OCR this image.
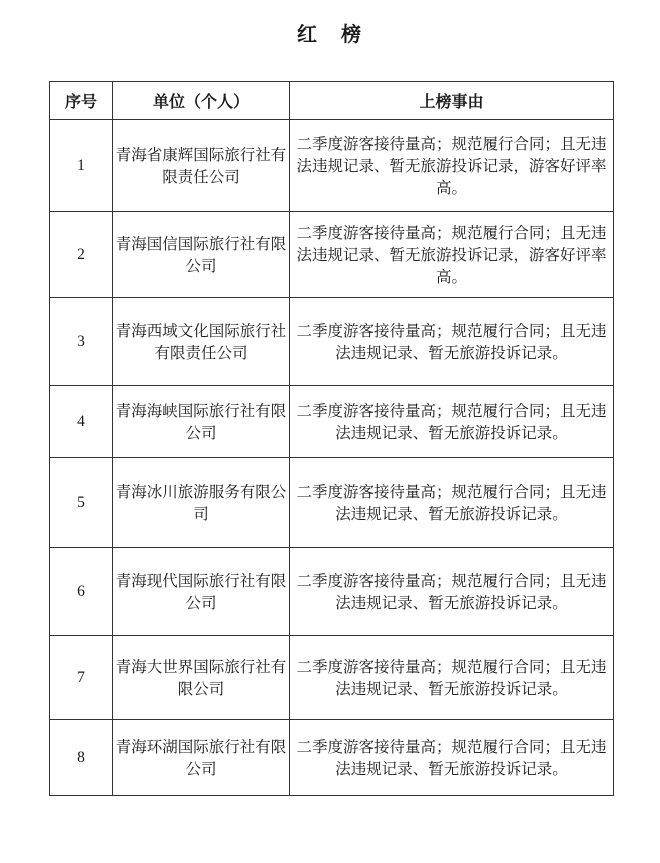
红　榜
序号	单位（个人）	上榜事由
1	青海省康辉国际旅行社有限责任公司	二季度游客接待量高；规范履行合同；且无违法违规记录、暂无旅游投诉记录，游客好评率高。
2	青海国信国际旅行社有限公司	二季度游客接待量高；规范履行合同；且无违法违规记录、暂无旅游投诉记录，游客好评率高。
3	青海西域文化国际旅行社有限责任公司	二季度游客接待量高；规范履行合同；且无违法违规记录、暂无旅游投诉记录。
4	青海海峡国际旅行社有限公司	二季度游客接待量高；规范履行合同；且无违法违规记录、暂无旅游投诉记录。
5	青海冰川旅游服务有限公司	二季度游客接待量高；规范履行合同；且无违法违规记录、暂无旅游投诉记录。
6	青海现代国际旅行社有限公司	二季度游客接待量高；规范履行合同；且无违法违规记录、暂无旅游投诉记录。
7	青海大世界国际旅行社有限公司	二季度游客接待量高；规范履行合同；且无违法违规记录、暂无旅游投诉记录。
8	青海环湖国际旅行社有限公司	二季度游客接待量高；规范履行合同；且无违法违规记录、暂无旅游投诉记录。
